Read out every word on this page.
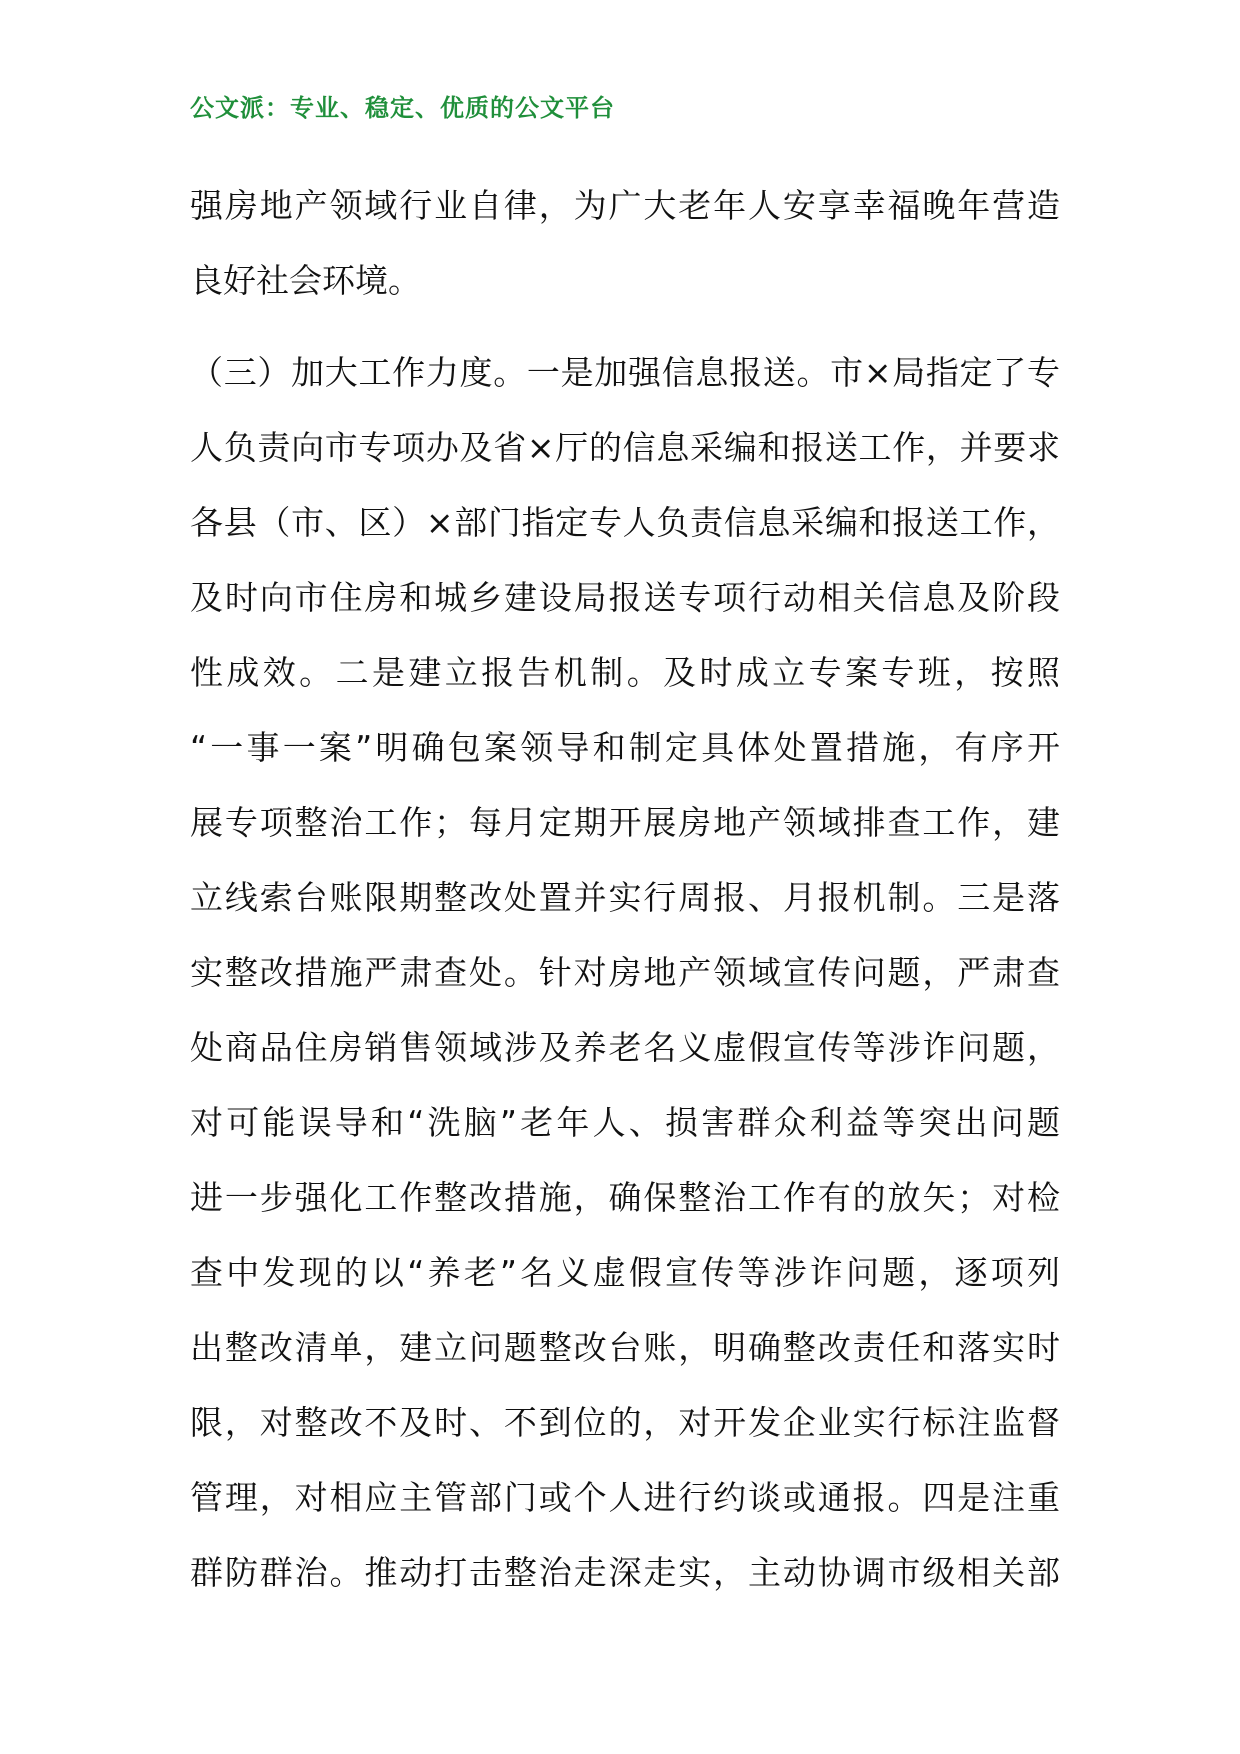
公文派：专业、稳定、优质的公文平台
强房地产领域行业自律，为广大老年人安享幸福晚年营造
良好社会环境。
（三）加大工作力度。一是加强信息报送。市×局指定了专
人负责向市专项办及省×厅的信息采编和报送工作，并要求
各县（市、区）×部门指定专人负责信息采编和报送工作，
及时向市住房和城乡建设局报送专项行动相关信息及阶段
性成效。二是建立报告机制。及时成立专案专班，按照
“一事一案”明确包案领导和制定具体处置措施，有序开
展专项整治工作；每月定期开展房地产领域排查工作，建
立线索台账限期整改处置并实行周报、月报机制。三是落
实整改措施严肃查处。针对房地产领域宣传问题，严肃查
处商品住房销售领域涉及养老名义虚假宣传等涉诈问题，
对可能误导和“洗脑”老年人、损害群众利益等突出问题
进一步强化工作整改措施，确保整治工作有的放矢；对检
查中发现的以“养老”名义虚假宣传等涉诈问题，逐项列
出整改清单，建立问题整改台账，明确整改责任和落实时
限，对整改不及时、不到位的，对开发企业实行标注监督
管理，对相应主管部门或个人进行约谈或通报。四是注重
群防群治。推动打击整治走深走实，主动协调市级相关部
